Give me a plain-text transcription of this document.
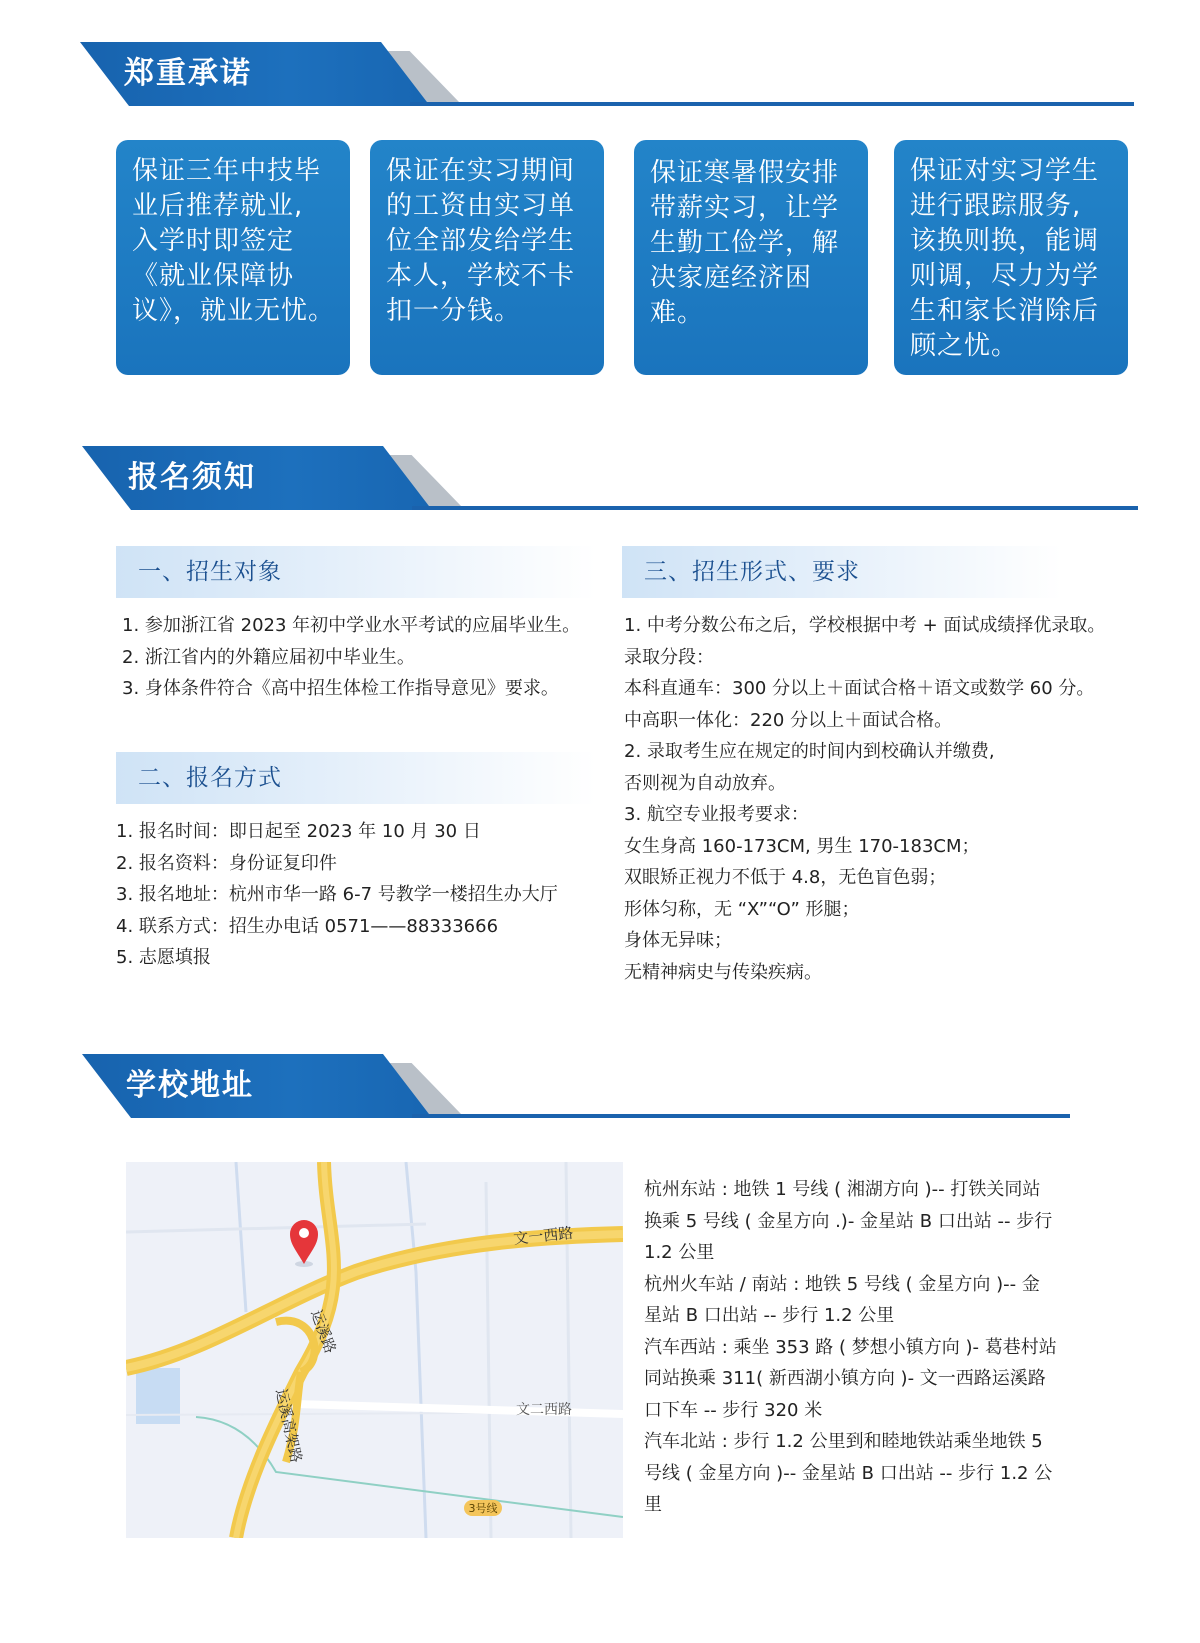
郑重承诺
保证三年中技毕
业后推荐就业,
入学时即签定
《就业保障协
议》，就业无忧。
保证在实习期间
的工资由实习单
位全部发给学生
本人，学校不卡
扣一分钱。
保证寒暑假安排
带薪实习，让学
生勤工俭学，解
决家庭经济困
难。
保证对实习学生
进行跟踪服务,
该换则换，能调
则调，尽力为学
生和家长消除后
顾之忧。
报名须知
一、招生对象
1. 参加浙江省 2023 年初中学业水平考试的应届毕业生。
2. 浙江省内的外籍应届初中毕业生。
3. 身体条件符合《高中招生体检工作指导意见》要求。
二、报名方式
1. 报名时间：即日起至 2023 年 10 月 30 日
2. 报名资料：身份证复印件
3. 报名地址：杭州市华一路 6-7 号教学一楼招生办大厅
4. 联系方式：招生办电话 0571——88333666
5. 志愿填报
三、招生形式、要求
1. 中考分数公布之后，学校根据中考 + 面试成绩择优录取。
录取分段：
本科直通车：300 分以上＋面试合格＋语文或数学 60 分。
中高职一体化：220 分以上＋面试合格。
2. 录取考生应在规定的时间内到校确认并缴费,
否则视为自动放弃。
3. 航空专业报考要求：
女生身高 160-173CM, 男生 170-183CM；
双眼矫正视力不低于 4.8，无色盲色弱；
形体匀称，无 “X”“O” 形腿；
身体无异味；
无精神病史与传染疾病。
学校地址
3号线
文一西路
运溪路
文二西路
运溪高架路
杭州东站 : 地铁 1 号线 ( 湘湖方向 )-- 打铁关同站
换乘 5 号线 ( 金星方向 .)- 金星站 B 口出站 -- 步行
1.2 公里
杭州火车站 / 南站 : 地铁 5 号线 ( 金星方向 )-- 金
星站 B 口出站 -- 步行 1.2 公里
汽车西站 : 乘坐 353 路 ( 梦想小镇方向 )- 葛巷村站
同站换乘 311( 新西湖小镇方向 )- 文一西路运溪路
口下车 -- 步行 320 米
汽车北站 : 步行 1.2 公里到和睦地铁站乘坐地铁 5
号线 ( 金星方向 )-- 金星站 B 口出站 -- 步行 1.2 公
里
